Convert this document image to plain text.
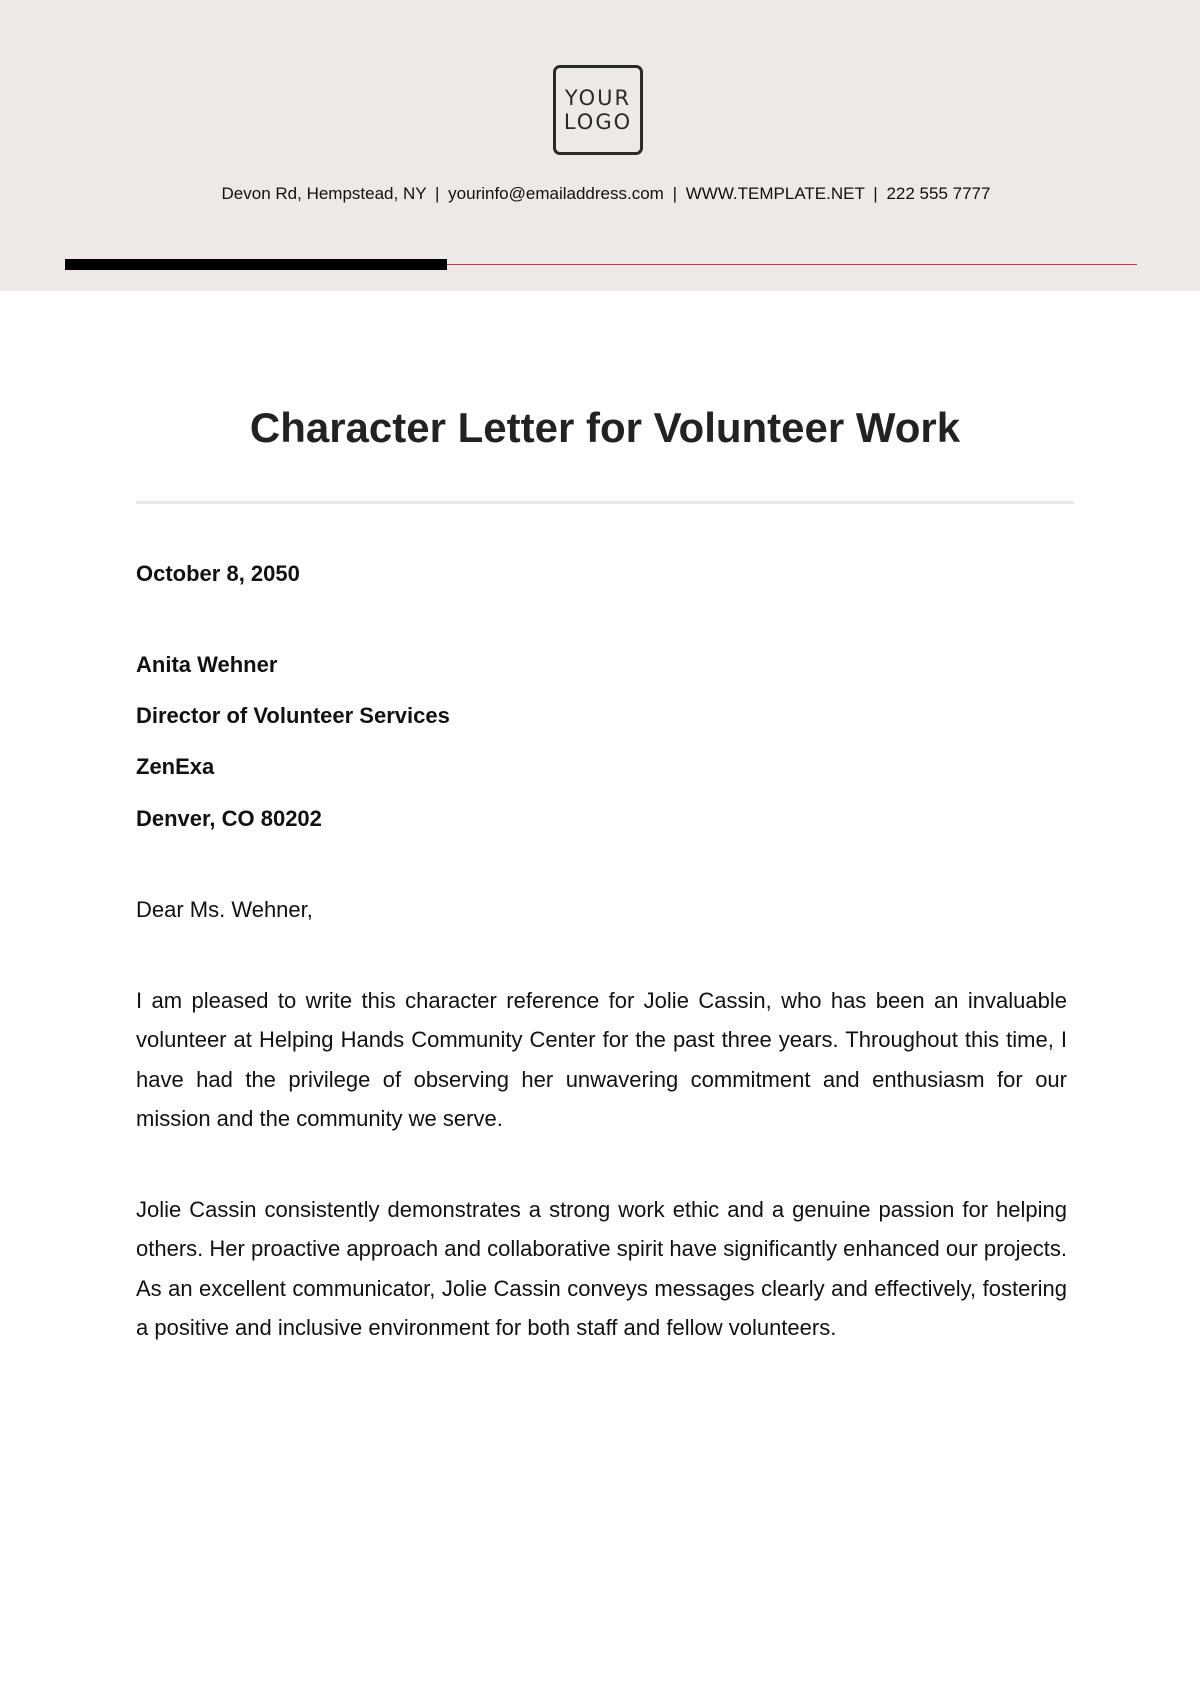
YOUR
LOGO
Devon Rd, Hempstead, NY | yourinfo@emailaddress.com | WWW.TEMPLATE.NET | 222 555 7777
Character Letter for Volunteer Work

October 8, 2050

Anita Wehner

Director of Volunteer Services

ZenExa

Denver, CO 80202

Dear Ms. Wehner,

I am pleased to write this character reference for Jolie Cassin, who has been an invaluable volunteer at Helping Hands Community Center for the past three years. Throughout this time, I have had the privilege of observing her unwavering commitment and enthusiasm for our mission and the community we serve.

Jolie Cassin consistently demonstrates a strong work ethic and a genuine passion for helping others. Her proactive approach and collaborative spirit have significantly enhanced our projects. As an excellent communicator, Jolie Cassin conveys messages clearly and effectively, fostering a positive and inclusive environment for both staff and fellow volunteers.
